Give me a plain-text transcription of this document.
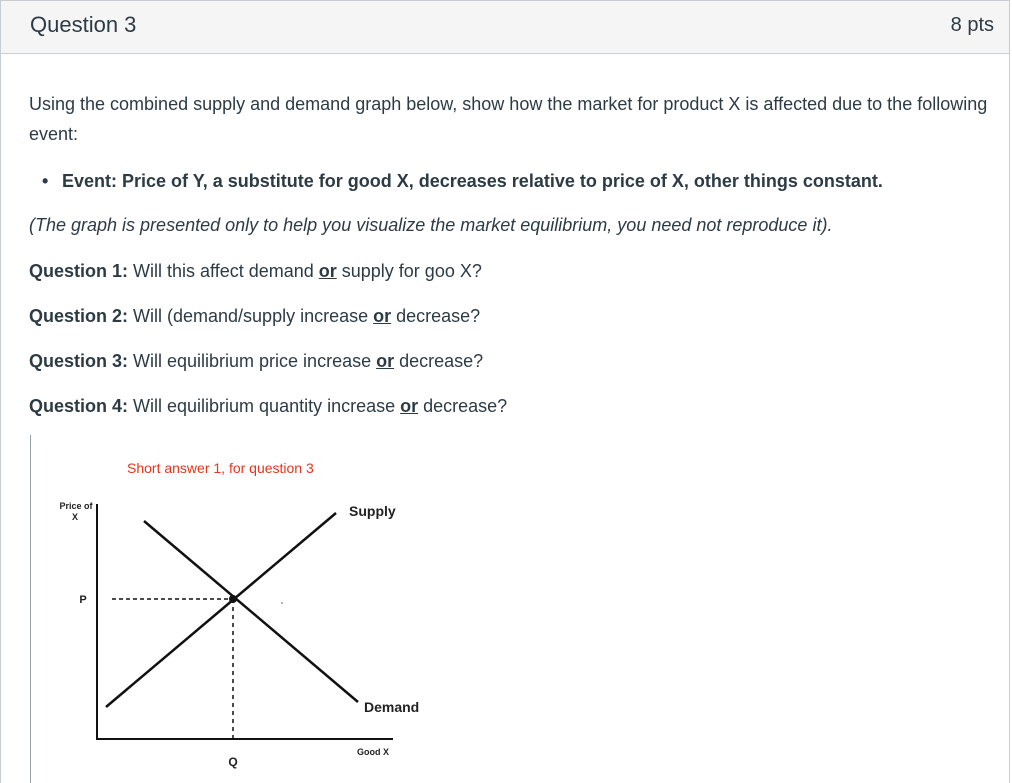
Question 3	8 pts
Using the combined supply and demand graph below, show how the market for product X is affected due to the following event:
• Event: Price of Y, a substitute for good X, decreases relative to price of X, other things constant.
(The graph is presented only to help you visualize the market equilibrium, you need not reproduce it).
Question 1: Will this affect demand or supply for goo X?
Question 2: Will (demand/supply increase or decrease?
Question 3: Will equilibrium price increase or decrease?
Question 4: Will equilibrium quantity increase or decrease?
Short answer 1, for question 3
Price of
X
P
Q
Good X
Supply
Demand
